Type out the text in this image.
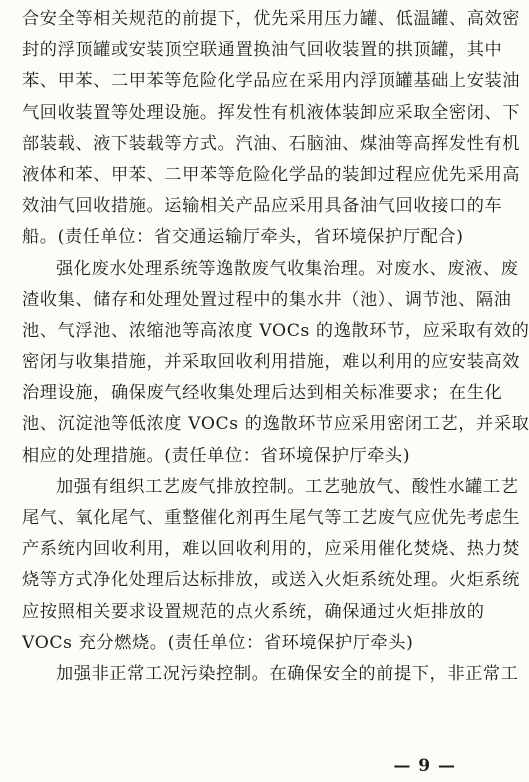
合安全等相关规范的前提下，优先采用压力罐、低温罐、高效密
封的浮顶罐或安装顶空联通置换油气回收装置的拱顶罐，其中
苯、甲苯、二甲苯等危险化学品应在采用内浮顶罐基础上安装油
气回收装置等处理设施。挥发性有机液体装卸应采取全密闭、下
部装载、液下装载等方式。汽油、石脑油、煤油等高挥发性有机
液体和苯、甲苯、二甲苯等危险化学品的装卸过程应优先采用高
效油气回收措施。运输相关产品应采用具备油气回收接口的车
船。(责任单位：省交通运输厅牵头，省环境保护厅配合)
强化废水处理系统等逸散废气收集治理。对废水、废液、废
渣收集、储存和处理处置过程中的集水井（池）、调节池、隔油
池、气浮池、浓缩池等高浓度 VOCs 的逸散环节，应采取有效的
密闭与收集措施，并采取回收利用措施，难以利用的应安装高效
治理设施，确保废气经收集处理后达到相关标准要求；在生化
池、沉淀池等低浓度 VOCs 的逸散环节应采用密闭工艺，并采取
相应的处理措施。(责任单位：省环境保护厅牵头)
加强有组织工艺废气排放控制。工艺驰放气、酸性水罐工艺
尾气、氧化尾气、重整催化剂再生尾气等工艺废气应优先考虑生
产系统内回收利用，难以回收利用的，应采用催化焚烧、热力焚
烧等方式净化处理后达标排放，或送入火炬系统处理。火炬系统
应按照相关要求设置规范的点火系统，确保通过火炬排放的
VOCs 充分燃烧。(责任单位：省环境保护厅牵头)
加强非正常工况污染控制。在确保安全的前提下，非正常工
— 9 —
